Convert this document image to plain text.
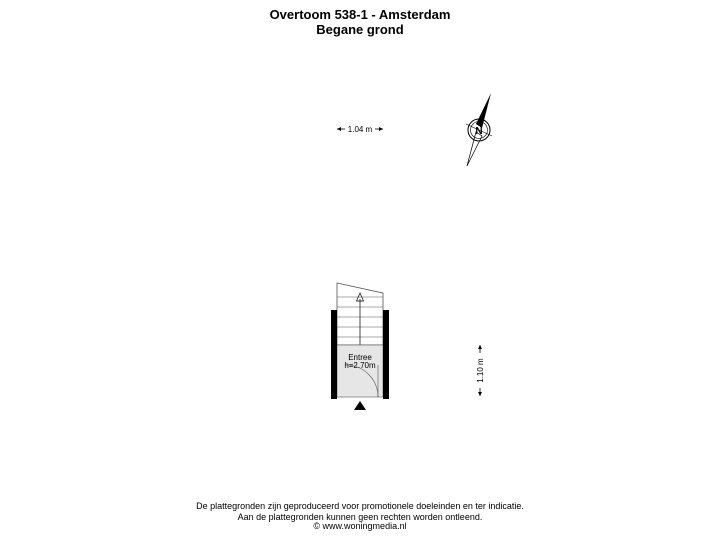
Overtoom 538-1 - Amsterdam
Begane grond
1.04 m	N
Entree
h=2.70m	1.10 m
De plattegronden zijn geproduceerd voor promotionele doeleinden en ter indicatie.
Aan de plattegronden kunnen geen rechten worden ontleend.
© www.woningmedia.nl
